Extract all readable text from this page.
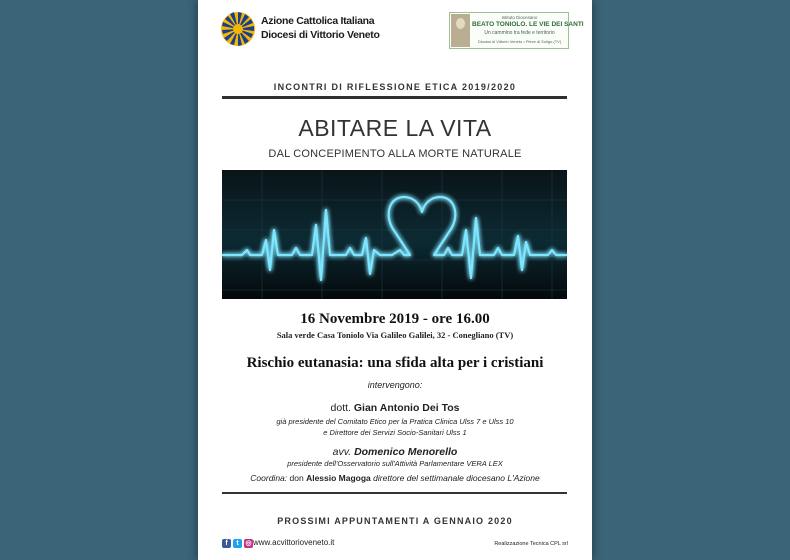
Azione Cattolica Italiana
Diocesi di Vittorio Veneto
Istituto Diocesano
BEATO TONIOLO. LE VIE DEI SANTI
Un cammino tra fede e territorio
Diocesi di Vittorio Veneto • Pieve di Soligo (TV)
INCONTRI DI RIFLESSIONE ETICA 2019/2020
ABITARE LA VITA
DAL CONCEPIMENTO ALLA MORTE NATURALE
16 Novembre 2019 - ore 16.00
Sala verde Casa Toniolo Via Galileo Galilei, 32 - Conegliano (TV)
Rischio eutanasia: una sfida alta per i cristiani
intervengono:
dott. Gian Antonio Dei Tos
già presidente del Comitato Etico per la Pratica Clinica Ulss 7 e Ulss 10
e Direttore dei Servizi Socio-Sanitari Ulss 1
avv. Domenico Menorello
presidente dell'Osservatorio sull'Attività Parlamentare VERA LEX
Coordina: don Alessio Magoga direttore del settimanale diocesano L'Azione
PROSSIMI APPUNTAMENTI A GENNAIO 2020
f	t ◎ www.acvittorioveneto.it	Realizzazione Tecnica CPL srl
